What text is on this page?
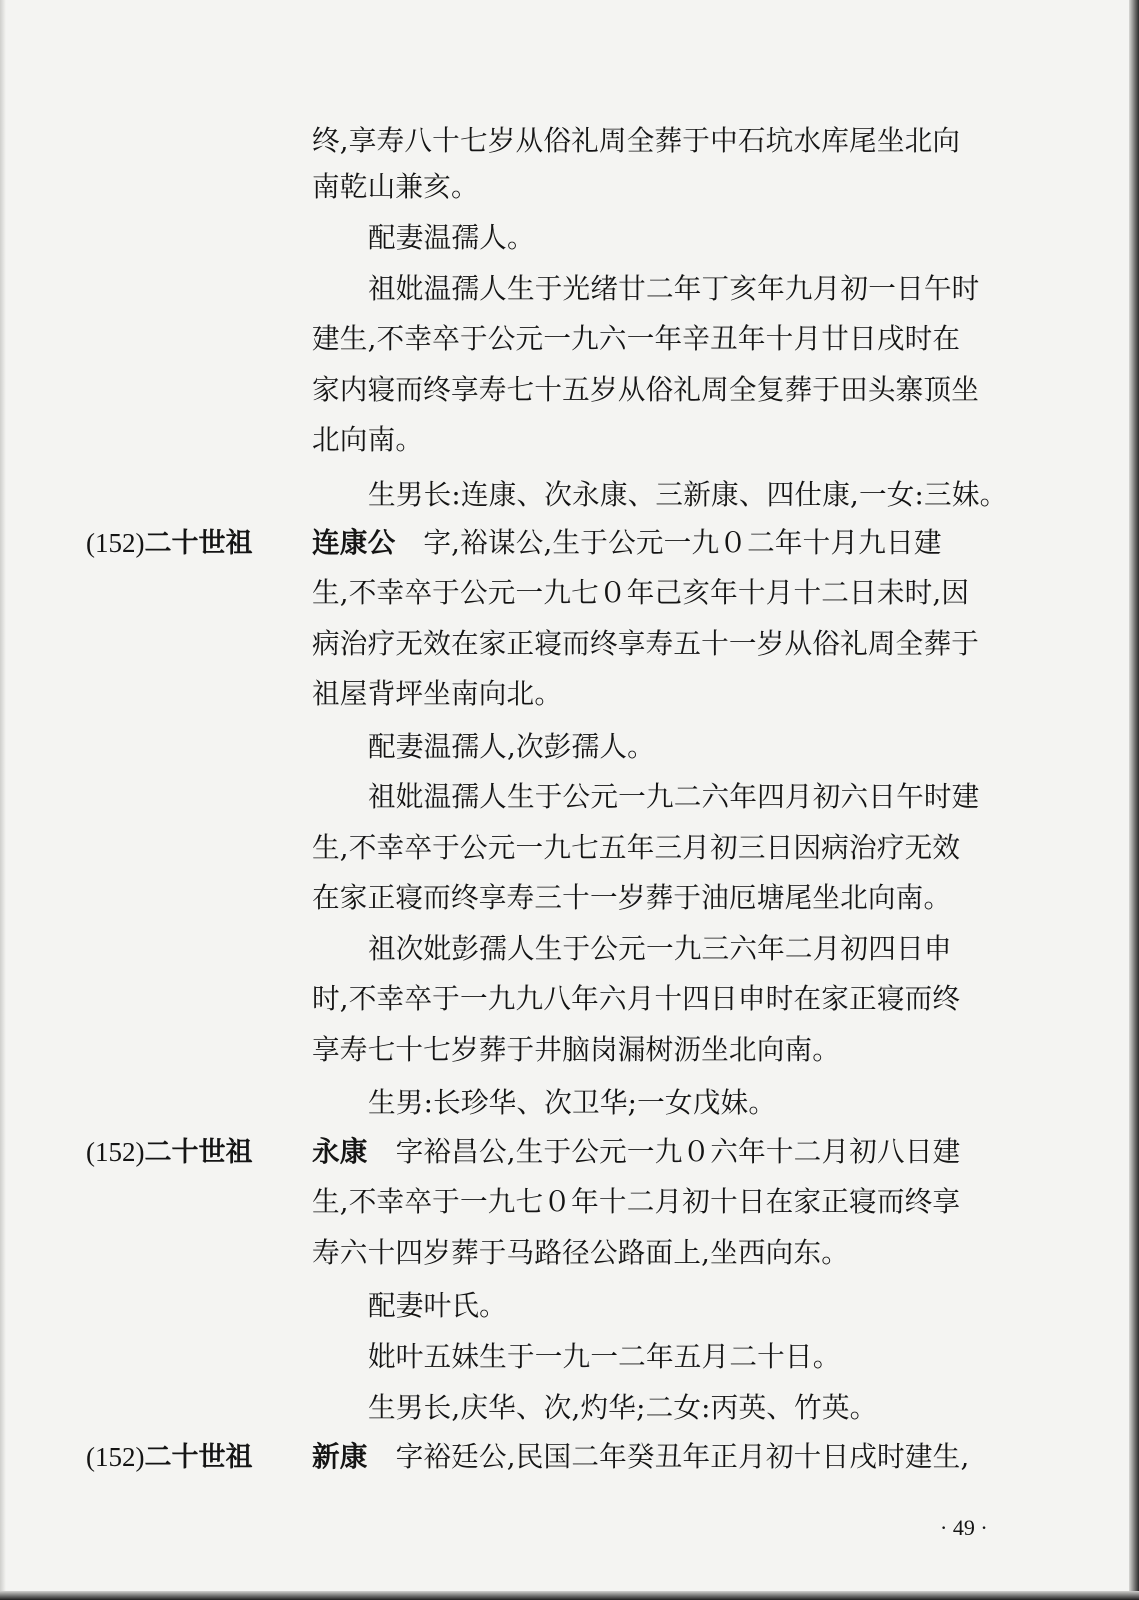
终,享寿八十七岁从俗礼周全葬于中石坑水库尾坐北向
南乾山兼亥。
配妻温孺人。
祖妣温孺人生于光绪廿二年丁亥年九月初一日午时
建生,不幸卒于公元一九六一年辛丑年十月廿日戌时在
家内寝而终享寿七十五岁从俗礼周全复葬于田头寨顶坐
北向南。
生男长:连康、次永康、三新康、四仕康,一女:三妹。
(152)二十世祖 连康公 字,裕谋公,生于公元一九０二年十月九日建
生,不幸卒于公元一九七０年己亥年十月十二日未时,因
病治疗无效在家正寝而终享寿五十一岁从俗礼周全葬于
祖屋背坪坐南向北。
配妻温孺人,次彭孺人。
祖妣温孺人生于公元一九二六年四月初六日午时建
生,不幸卒于公元一九七五年三月初三日因病治疗无效
在家正寝而终享寿三十一岁葬于油厄塘尾坐北向南。
祖次妣彭孺人生于公元一九三六年二月初四日申
时,不幸卒于一九九八年六月十四日申时在家正寝而终
享寿七十七岁葬于井脑岗漏树沥坐北向南。
生男:长珍华、次卫华;一女戊妹。
(152)二十世祖 永康 字裕昌公,生于公元一九０六年十二月初八日建
生,不幸卒于一九七０年十二月初十日在家正寝而终享
寿六十四岁葬于马路径公路面上,坐西向东。
配妻叶氏。
妣叶五妹生于一九一二年五月二十日。
生男长,庆华、次,灼华;二女:丙英、竹英。
(152)二十世祖 新康 字裕廷公,民国二年癸丑年正月初十日戌时建生,
· 49 ·
